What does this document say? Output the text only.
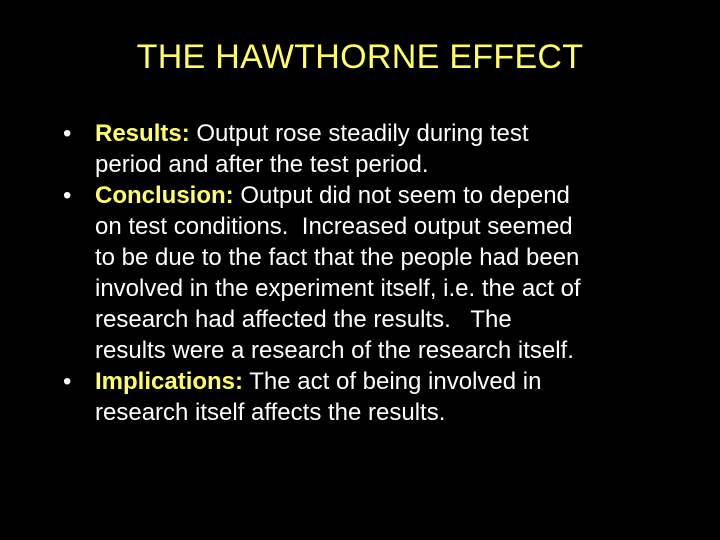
THE HAWTHORNE EFFECT
• Results: Output rose steadily during test
period and after the test period.
• Conclusion: Output did not seem to depend
on test conditions.  Increased output seemed
to be due to the fact that the people had been
involved in the experiment itself, i.e. the act of
research had affected the results.   The
results were a research of the research itself.
• Implications: The act of being involved in
research itself affects the results.
